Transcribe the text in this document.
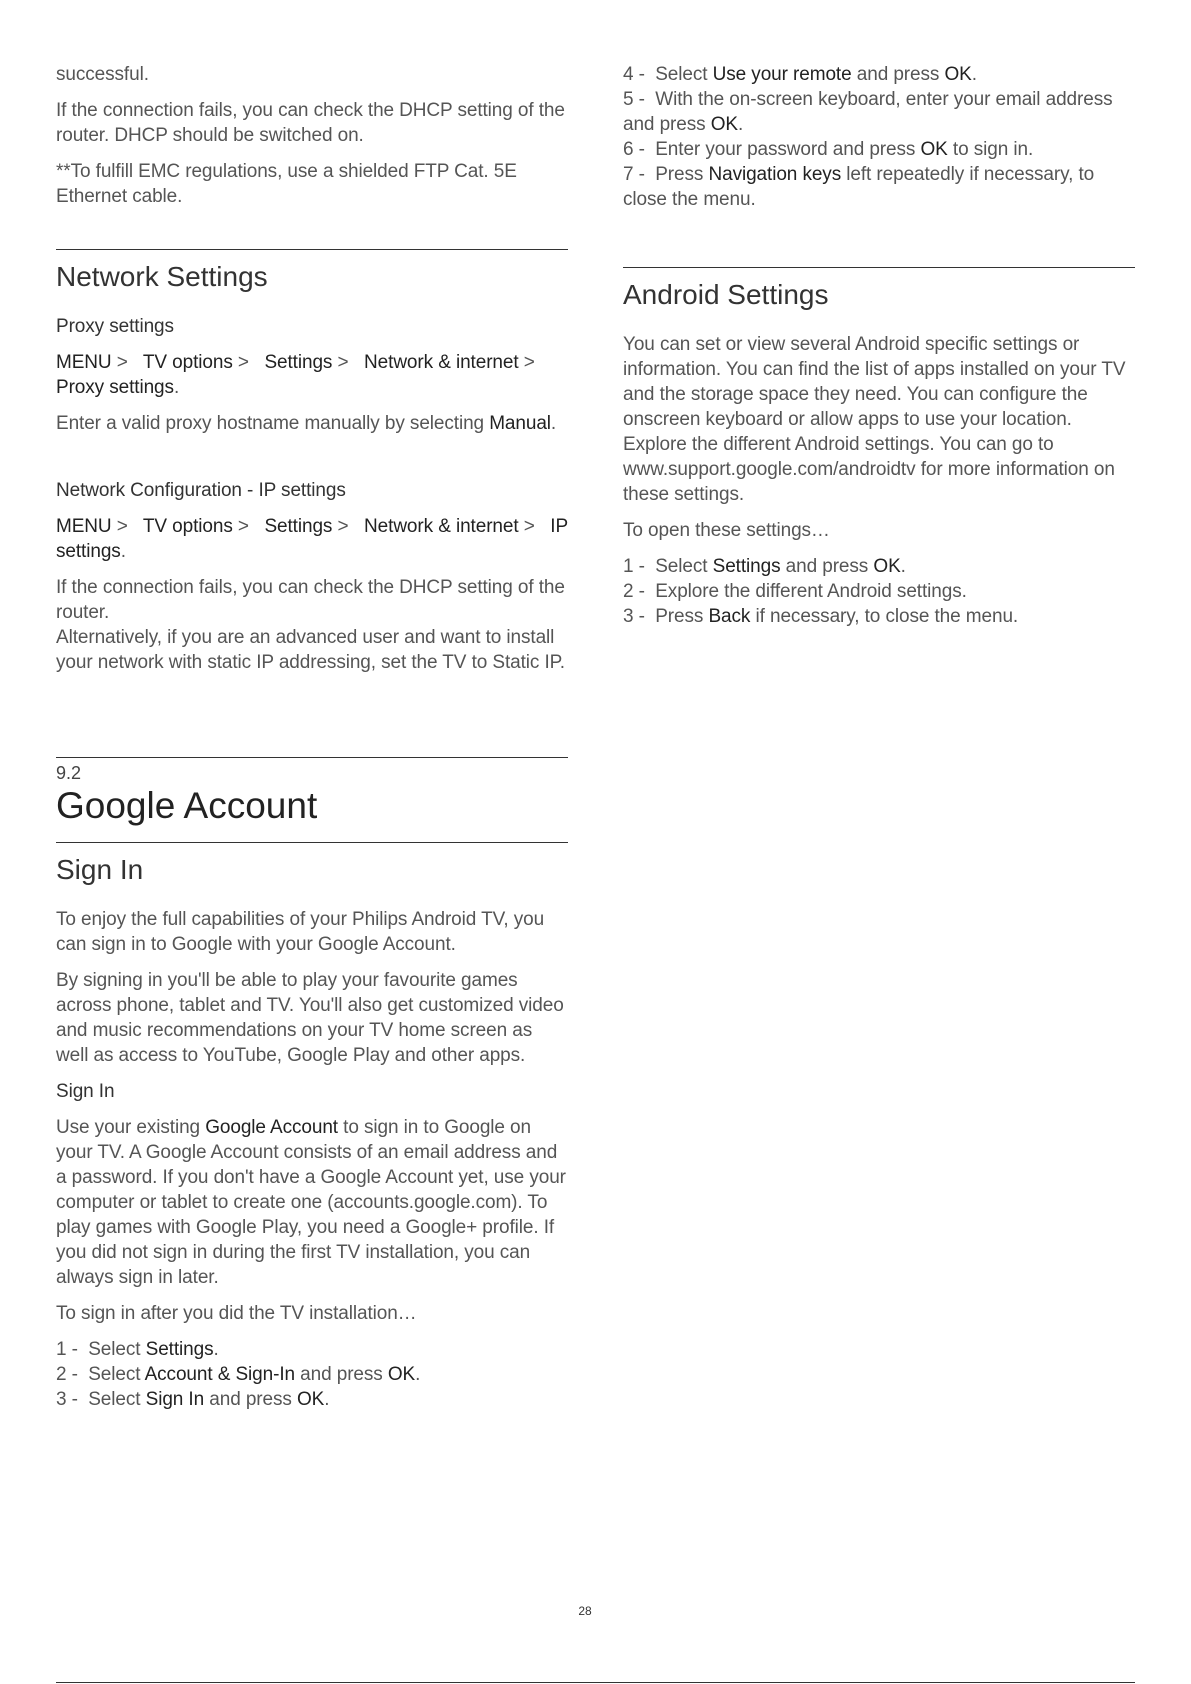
successful.

If the connection fails, you can check the DHCP setting of the router. DHCP should be switched on.

**To fulfill EMC regulations, use a shielded FTP Cat. 5E Ethernet cable.

Network Settings

Proxy settings

MENU >   TV options >   Settings >   Network & internet >   Proxy settings.

Enter a valid proxy hostname manually by selecting Manual.

Network Configuration - IP settings

MENU >   TV options >   Settings >   Network & internet >   IP settings.

If the connection fails, you can check the DHCP setting of the router.

Alternatively, if you are an advanced user and want to install your network with static IP addressing, set the TV to Static IP.

9.2
Google Account
Sign In

To enjoy the full capabilities of your Philips Android TV, you can sign in to Google with your Google Account.

By signing in you'll be able to play your favourite games across phone, tablet and TV. You'll also get customized video and music recommendations on your TV home screen as well as access to YouTube, Google Play and other apps.

Sign In

Use your existing Google Account to sign in to Google on your TV. A Google Account consists of an email address and a password. If you don't have a Google Account yet, use your computer or tablet to create one (accounts.google.com). To play games with Google Play, you need a Google+ profile. If you did not sign in during the first TV installation, you can always sign in later.

To sign in after you did the TV installation…

1 - Select Settings.

2 - Select Account & Sign-In and press OK.

3 - Select Sign In and press OK.

4 - Select Use your remote and press OK.

5 - With the on-screen keyboard, enter your email address and press OK.

6 - Enter your password and press OK to sign in.

7 - Press Navigation keys left repeatedly if necessary, to close the menu.

Android Settings

You can set or view several Android specific settings or information. You can find the list of apps installed on your TV and the storage space they need. You can configure the onscreen keyboard or allow apps to use your location. Explore the different Android settings. You can go to www.support.google.com/androidtv for more information on these settings.

To open these settings…

1 - Select Settings and press OK.

2 - Explore the different Android settings.

3 - Press Back if necessary, to close the menu.

28
